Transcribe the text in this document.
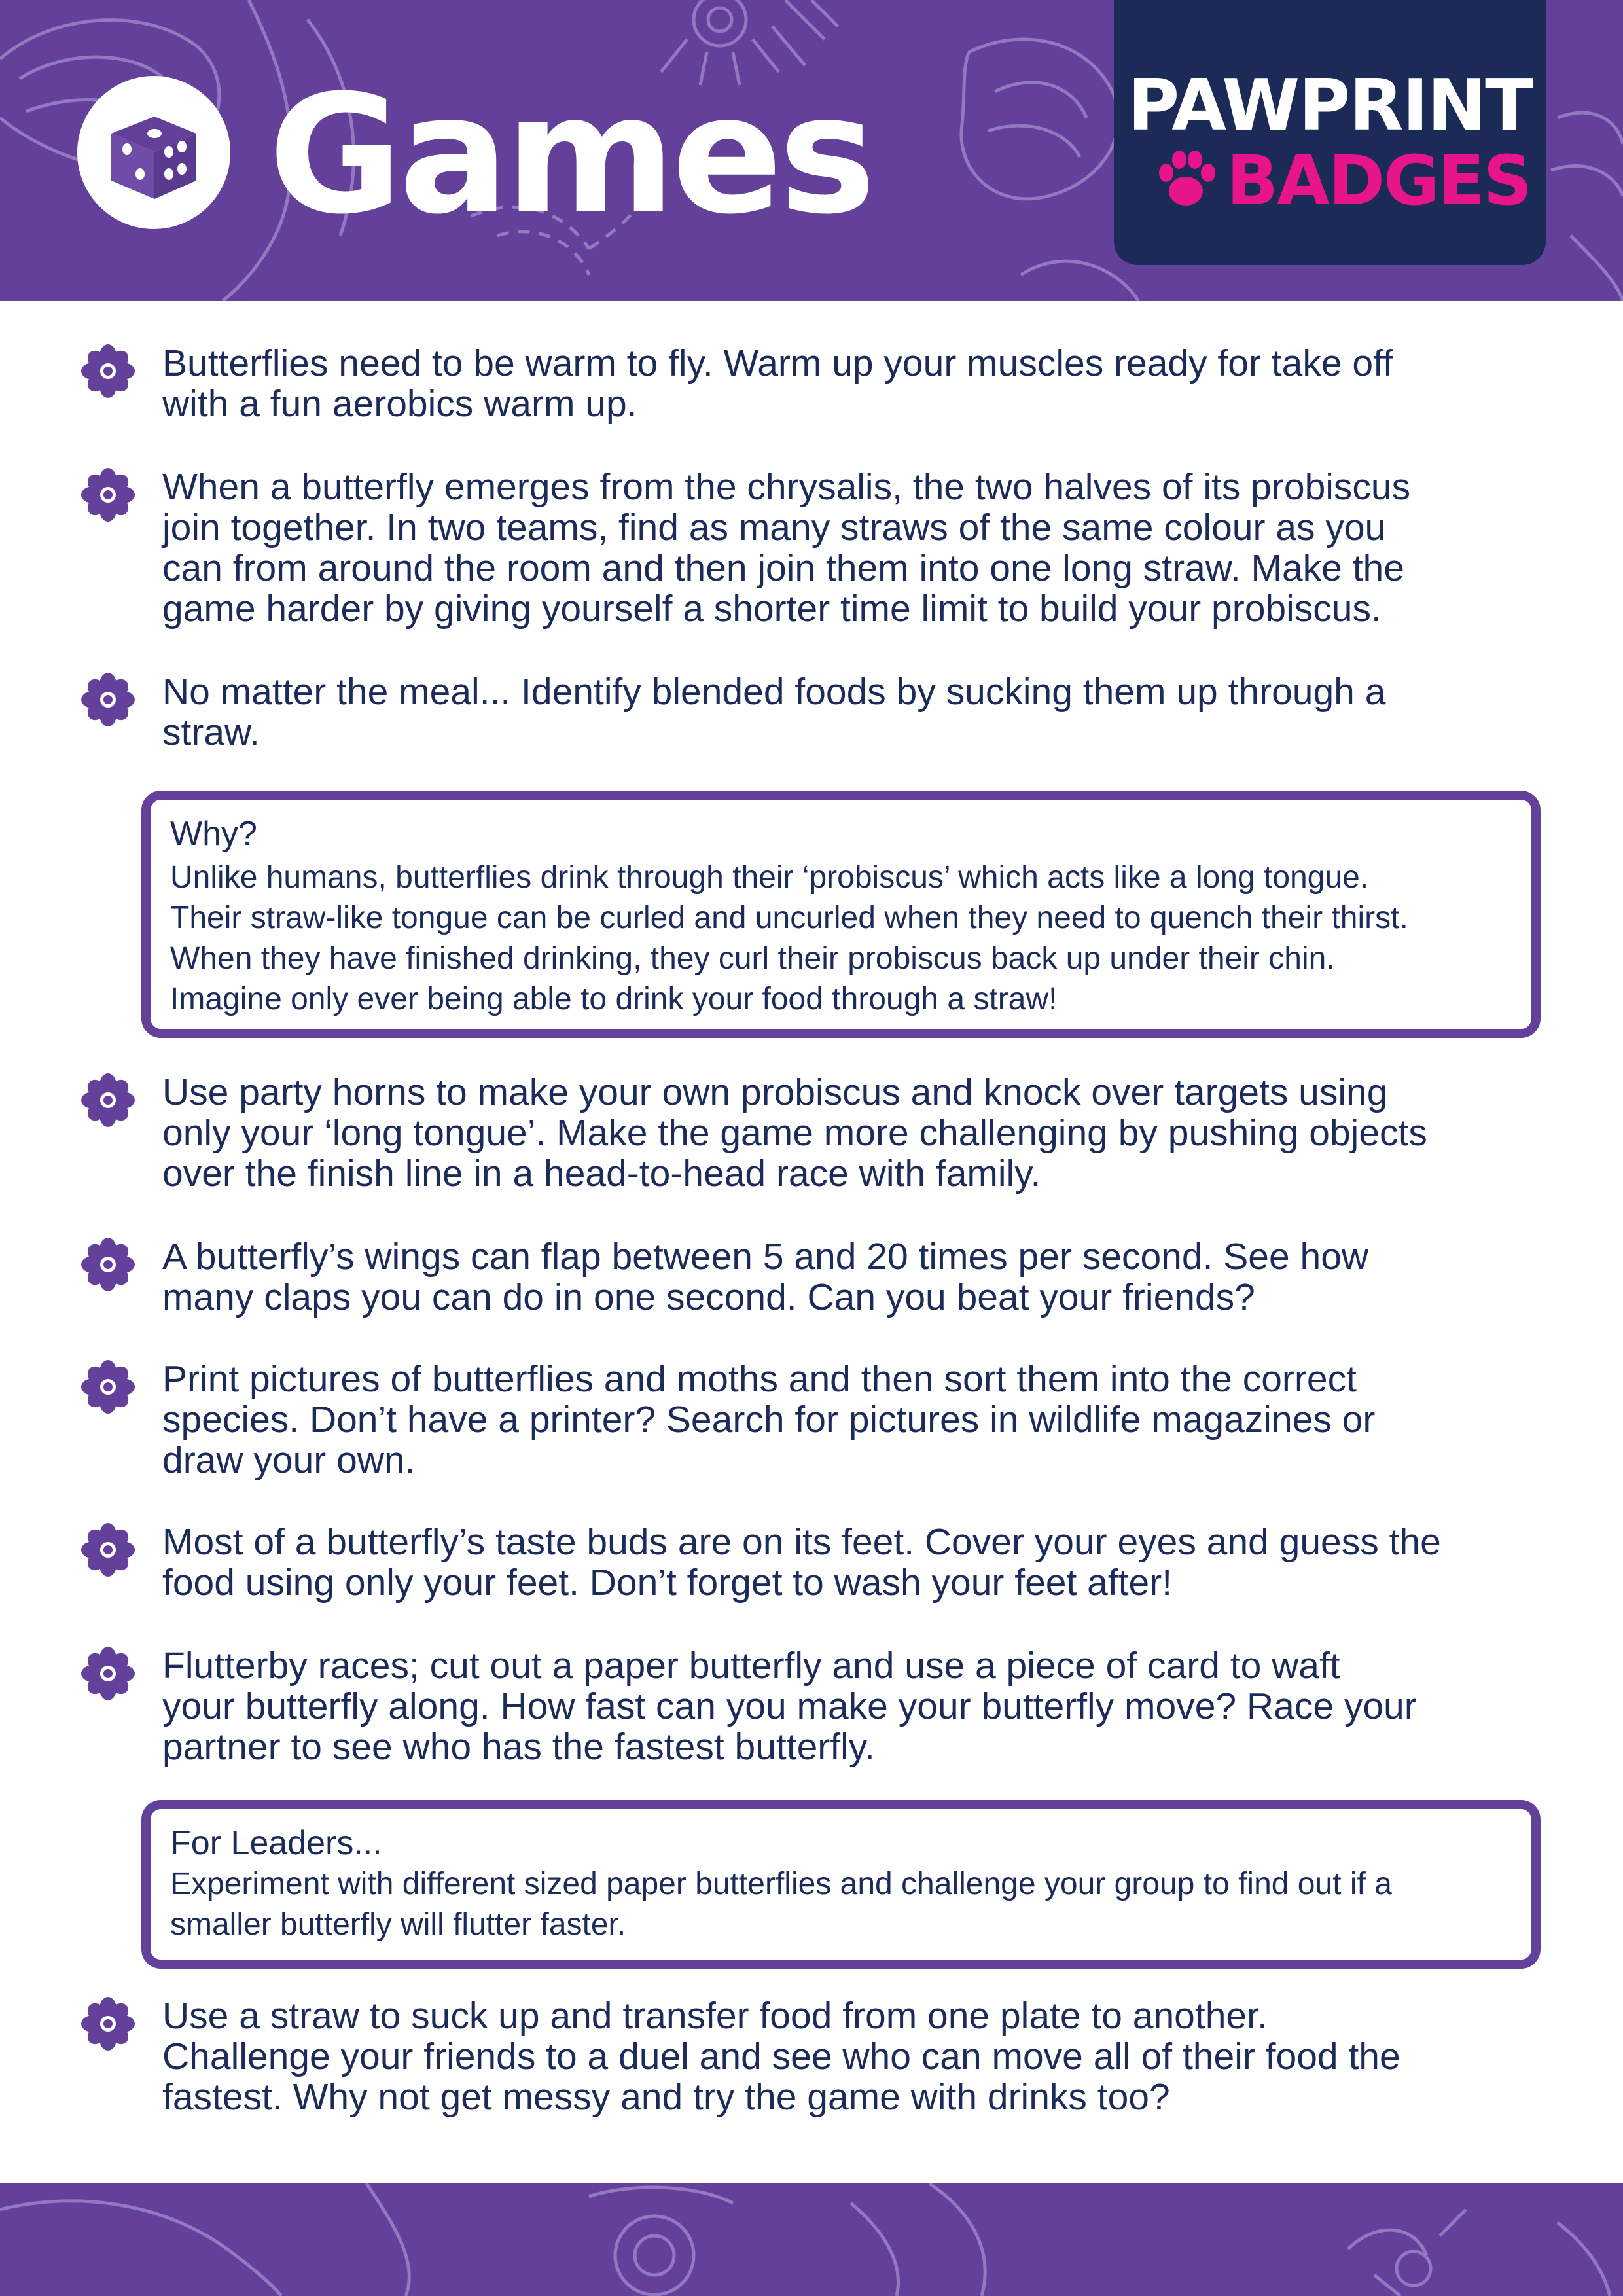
Games	PAWPRINT
BADGES
Butterflies need to be warm to fly. Warm up your muscles ready for take off
with a fun aerobics warm up.
When a butterfly emerges from the chrysalis, the two halves of its probiscus
join together. In two teams, find as many straws of the same colour as you
can from around the room and then join them into one long straw. Make the
game harder by giving yourself a shorter time limit to build your probiscus.
No matter the meal... Identify blended foods by sucking them up through a
straw.
Why?
Unlike humans, butterflies drink through their ‘probiscus’ which acts like a long tongue.
Their straw-like tongue can be curled and uncurled when they need to quench their thirst.
When they have finished drinking, they curl their probiscus back up under their chin.
Imagine only ever being able to drink your food through a straw!
Use party horns to make your own probiscus and knock over targets using
only your ‘long tongue’. Make the game more challenging by pushing objects
over the finish line in a head-to-head race with family.
A butterfly’s wings can flap between 5 and 20 times per second. See how
many claps you can do in one second. Can you beat your friends?
Print pictures of butterflies and moths and then sort them into the correct
species. Don’t have a printer? Search for pictures in wildlife magazines or
draw your own.
Most of a butterfly’s taste buds are on its feet. Cover your eyes and guess the
food using only your feet. Don’t forget to wash your feet after!
Flutterby races; cut out a paper butterfly and use a piece of card to waft
your butterfly along. How fast can you make your butterfly move? Race your
partner to see who has the fastest butterfly.
For Leaders...
Experiment with different sized paper butterflies and challenge your group to find out if a
smaller butterfly will flutter faster.
Use a straw to suck up and transfer food from one plate to another.
Challenge your friends to a duel and see who can move all of their food the
fastest. Why not get messy and try the game with drinks too?
